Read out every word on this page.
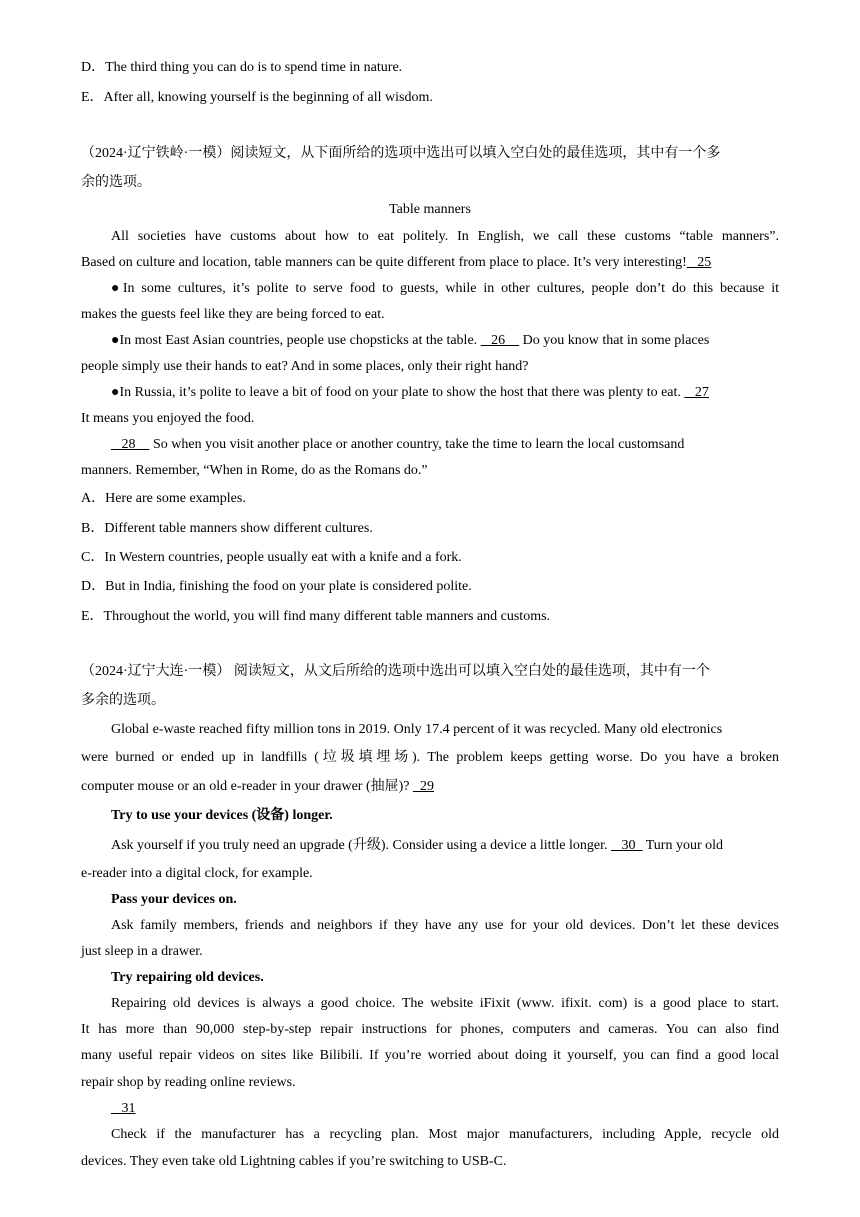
D．The third thing you can do is to spend time in nature.
E．After all, knowing yourself is the beginning of all wisdom.
（2024·辽宁铁岭·一模）阅读短文，从下面所给的选项中选出可以填入空白处的最佳选项，其中有一个多
余的选项。
Table manners
All societies have customs about how to eat politely. In English, we call these customs “table manners”.
Based on culture and location, table manners can be quite different from place to place. It’s very interesting!   25
●In some cultures, it’s polite to serve food to guests, while in other cultures, people don’t do this because it
makes the guests feel like they are being forced to eat.
●In most East Asian countries, people use chopsticks at the table.    26     Do you know that in some places
people simply use their hands to eat? And in some places, only their right hand?
●In Russia, it’s polite to leave a bit of food on your plate to show the host that there was plenty to eat.    27
It means you enjoyed the food.
28     So when you visit another place or another country, take the time to learn the local customsand
manners. Remember, “When in Rome, do as the Romans do.”
A．Here are some examples.
B．Different table manners show different cultures.
C．In Western countries, people usually eat with a knife and a fork.
D．But in India, finishing the food on your plate is considered polite.
E．Throughout the world, you will find many different table manners and customs.
（2024·辽宁大连·一模） 阅读短文，从文后所给的选项中选出可以填入空白处的最佳选项，其中有一个
多余的选项。
Global e-waste reached fifty million tons in 2019. Only 17.4 percent of it was recycled. Many old electronics
were burned or ended up in landfills (垃圾填埋场). The problem keeps getting worse. Do you have a broken
computer mouse or an old e-reader in your drawer (抽屉)?   29
Try to use your devices (设备) longer.
Ask yourself if you truly need an upgrade (升级). Consider using a device a little longer.    30   Turn your old
e-reader into a digital clock, for example.
Pass your devices on.
Ask family members, friends and neighbors if they have any use for your old devices. Don’t let these devices
just sleep in a drawer.
Try repairing old devices.
Repairing old devices is always a good choice. The website iFixit (www. ifixit. com) is a good place to start.
It has more than 90,000 step-by-step repair instructions for phones, computers and cameras. You can also find
many useful repair videos on sites like Bilibili. If you’re worried about doing it yourself, you can find a good local
repair shop by reading online reviews.
31
Check if the manufacturer has a recycling plan. Most major manufacturers, including Apple, recycle old
devices. They even take old Lightning cables if you’re switching to USB-C.
